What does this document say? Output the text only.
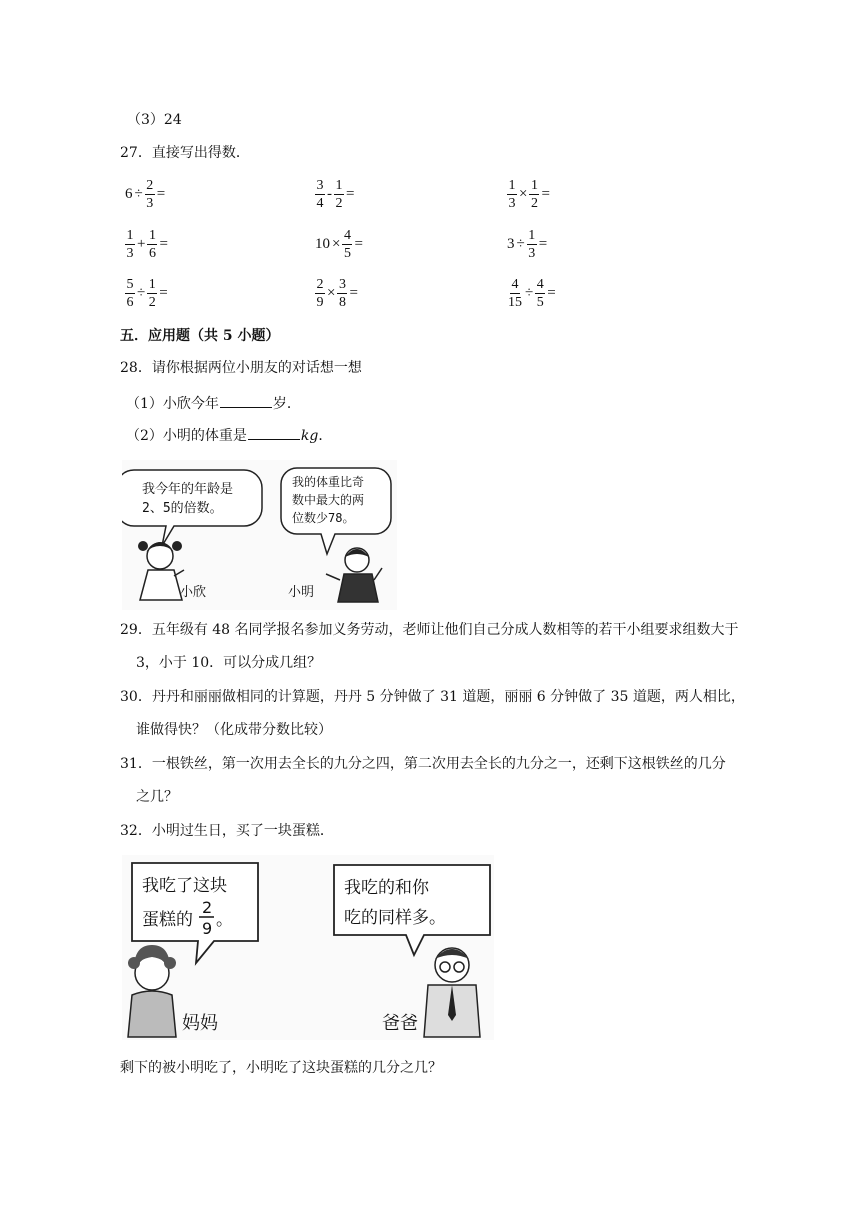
（3）24
27．直接写出得数．
$6 \div \frac{2}{3}$ =	$\frac{3}{4} - \frac{1}{2}$ =	$\frac{1}{3} \times \frac{1}{2}$ =
$\frac{1}{3} + \frac{1}{6}$ =	$10 \times \frac{4}{5}$ =	$3 \div \frac{1}{3}$ =
$\frac{5}{6} \div \frac{1}{2}$ =	$\frac{2}{9} \times \frac{3}{8}$ =	$\frac{4}{15} \div \frac{4}{5}$ =
五．应用题（共 5 小题）
28．请你根据两位小朋友的对话想一想
（1）小欣今年	岁．
（2）小明的体重是	kg．
我今年的年龄是
2、5的倍数。
我的体重比奇
数中最大的两
位数少78。
小欣	小明
29．五年级有 48 名同学报名参加义务劳动，老师让他们自己分成人数相等的若干小组要求组数大于
3，小于 10．可以分成几组？
30．丹丹和丽丽做相同的计算题，丹丹 5 分钟做了 31 道题，丽丽 6 分钟做了 35 道题，两人相比，
谁做得快？（化成带分数比较）
31．一根铁丝，第一次用去全长的九分之四，第二次用去全长的九分之一，还剩下这根铁丝的几分
之几？
32．小明过生日，买了一块蛋糕．
我吃了这块
蛋糕的
2
9 。
我吃的和你
吃的同样多。
妈妈	爸爸
剩下的被小明吃了，小明吃了这块蛋糕的几分之几？
